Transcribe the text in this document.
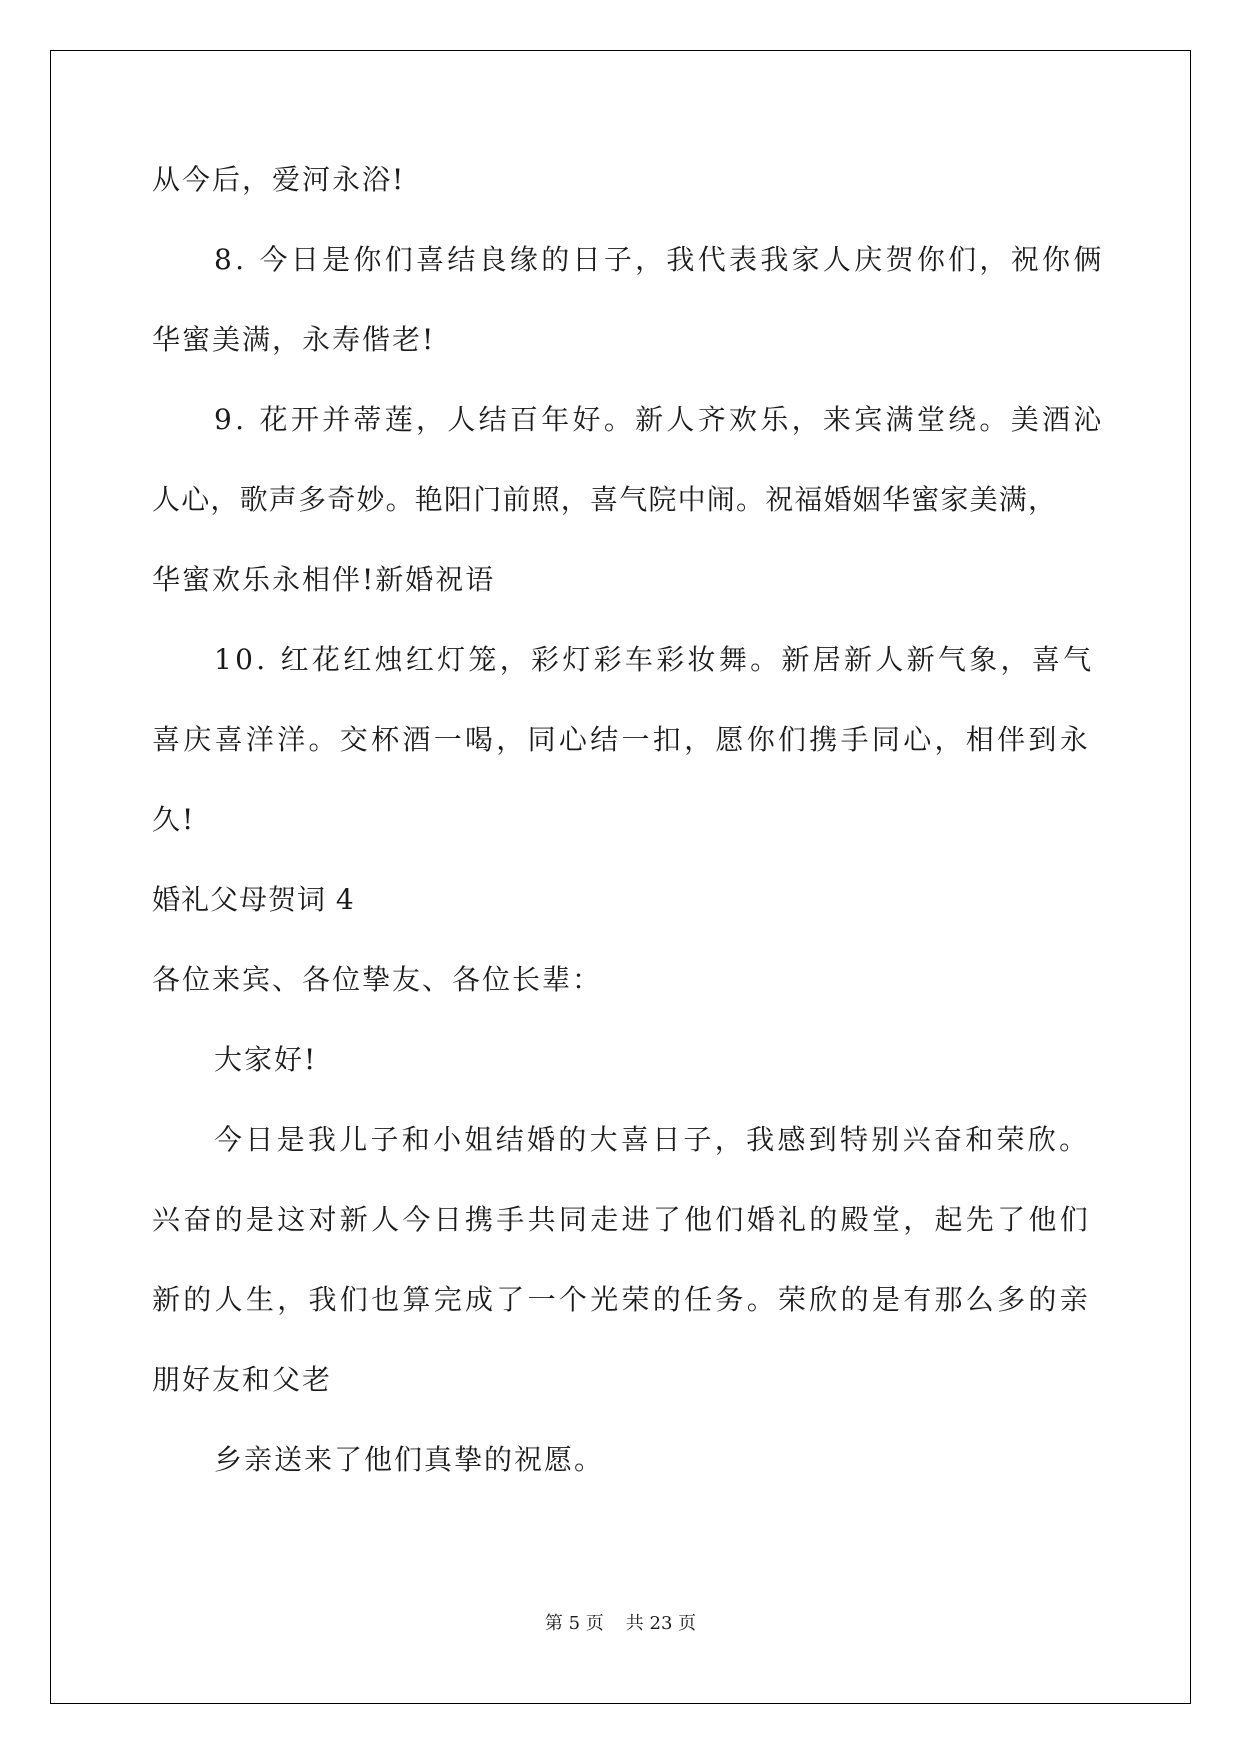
从今后，爱河永浴!
8. 今日是你们喜结良缘的日子，我代表我家人庆贺你们，祝你俩
华蜜美满，永寿偕老!
9. 花开并蒂莲，人结百年好。新人齐欢乐，来宾满堂绕。美酒沁
人心，歌声多奇妙。艳阳门前照，喜气院中闹。祝福婚姻华蜜家美满，
华蜜欢乐永相伴!新婚祝语
10. 红花红烛红灯笼，彩灯彩车彩妆舞。新居新人新气象，喜气
喜庆喜洋洋。交杯酒一喝，同心结一扣，愿你们携手同心，相伴到永
久!
婚礼父母贺词 4
各位来宾、各位挚友、各位长辈：
大家好!
今日是我儿子和小姐结婚的大喜日子，我感到特别兴奋和荣欣。
兴奋的是这对新人今日携手共同走进了他们婚礼的殿堂，起先了他们
新的人生，我们也算完成了一个光荣的任务。荣欣的是有那么多的亲
朋好友和父老
乡亲送来了他们真挚的祝愿。
第 5 页 共 23 页
